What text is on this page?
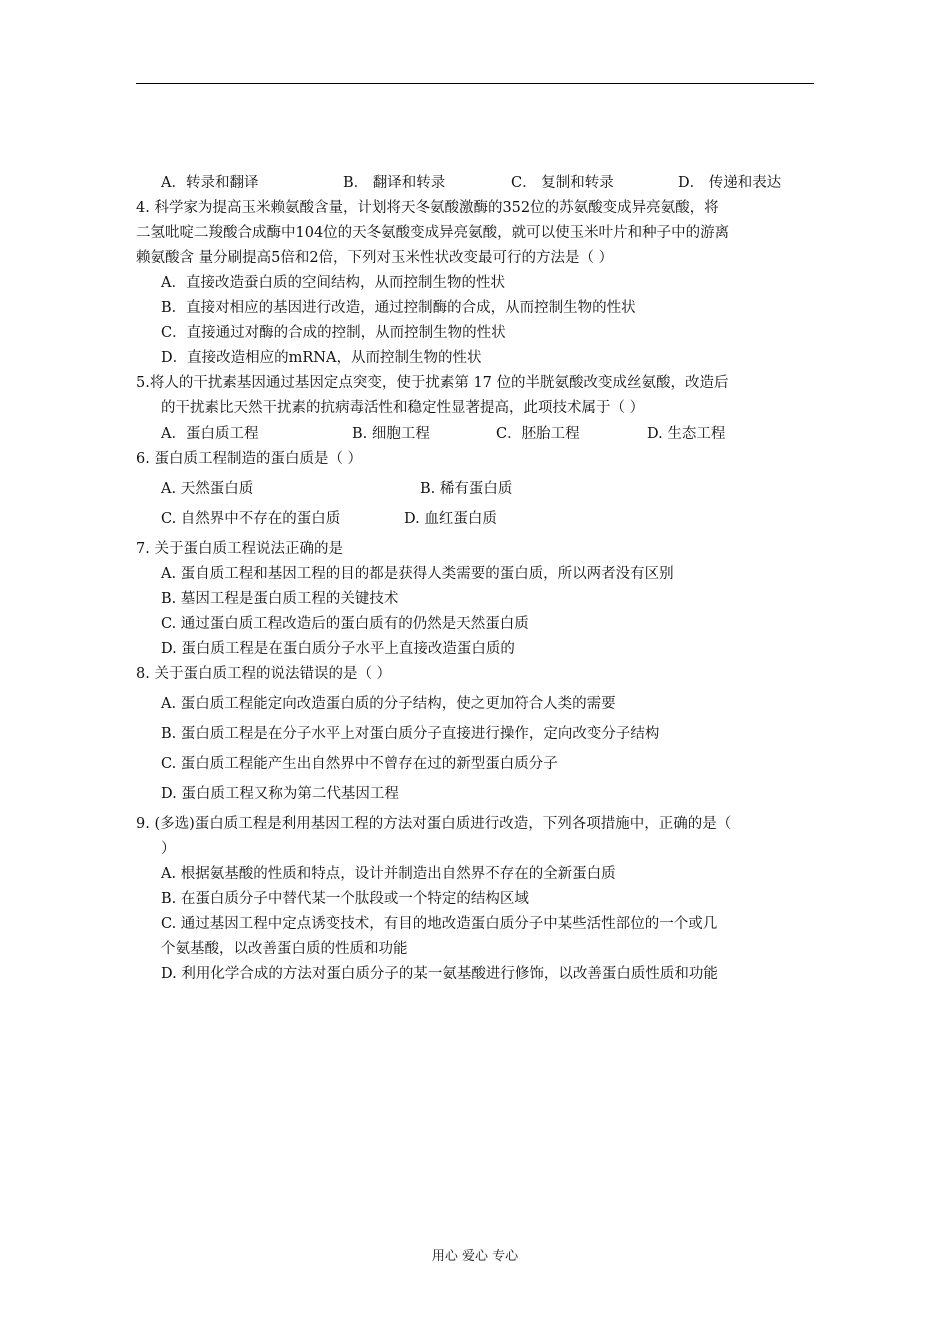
A．转录和翻译	B． 翻译和转录	C． 复制和转录	D． 传递和表达
4. 科学家为提高玉米赖氨酸含量，计划将天冬氨酸激酶的352位的苏氨酸变成异亮氨酸，将
二氢吡啶二羧酸合成酶中104位的天冬氨酸变成异亮氨酸，就可以使玉米叶片和种子中的游离
赖氨酸含 量分刷提高5倍和2倍，下列对玉米性状改变最可行的方法是（ ）
A．直接改造蚕白质的空间结构，从而控制生物的性状
B．直接对相应的基因进行改造，通过控制酶的合成，从而控制生物的性状
C．直接通过对酶的合成的控制，从而控制生物的性状
D．直接改造相应的mRNA，从而控制生物的性状
5.将人的干扰素基因通过基因定点突变，使于扰素第 17 位的半胱氨酸改变成丝氨酸，改造后
的干扰素比天然干扰素的抗病毒活性和稳定性显著提高，此项技术属于（ ）
A．蛋白质工程	B. 细胞工程	C．胚胎工程	D. 生态工程
6. 蛋白质工程制造的蛋白质是（ ）
A. 天然蛋白质	B. 稀有蛋白质
C. 自然界中不存在的蛋白质	D. 血红蛋白质
7. 关于蛋白质工程说法正确的是
A. 蛋自质工程和基因工程的目的都是获得人类需要的蛋白质，所以两者没有区别
B. 墓因工程是蛋白质工程的关键技术
C. 通过蛋白质工程改造后的蛋白质有的仍然是天然蛋白质
D. 蛋白质工程是在蛋白质分子水平上直接改造蛋白质的
8. 关于蛋白质工程的说法错误的是（ ）
A. 蛋白质工程能定向改造蛋白质的分子结构，使之更加符合人类的需要
B. 蛋白质工程是在分子水平上对蛋白质分子直接进行操作，定向改变分子结构
C. 蛋白质工程能产生出自然界中不曾存在过的新型蛋白质分子
D. 蛋白质工程又称为第二代基因工程
9. (多选)蛋白质工程是利用基因工程的方法对蛋白质进行改造，下列各项措施中，正确的是（
）
A. 根据氨基酸的性质和特点，设计并制造出自然界不存在的全新蛋白质
B. 在蛋白质分子中替代某一个肽段或一个特定的结构区域
C. 通过基因工程中定点诱变技术，有目的地改造蛋白质分子中某些活性部位的一个或几
个氨基酸，以改善蛋白质的性质和功能
D. 利用化学合成的方法对蛋白质分子的某一氨基酸进行修饰，以改善蛋白质性质和功能
用心 爱心 专心
